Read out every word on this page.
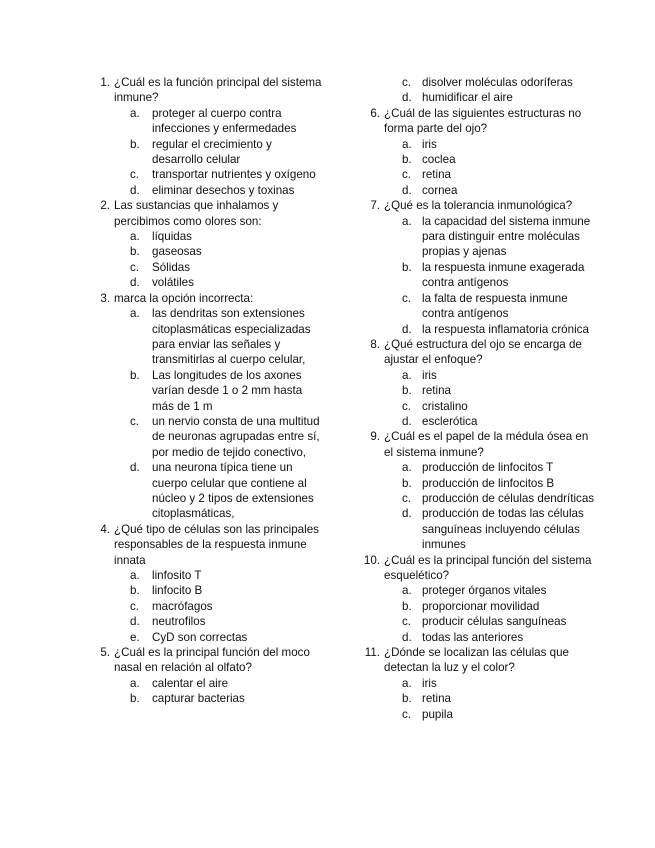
1. ¿Cuál es la función principal del sistema inmune?
a. proteger al cuerpo contra infecciones y enfermedades
b. regular el crecimiento y desarrollo celular
c. transportar nutrientes y oxígeno
d. eliminar desechos y toxinas
2. Las sustancias que inhalamos y percibimos como olores son:
a. líquidas
b. gaseosas
c. Sólidas
d. volátiles
3. marca la opción incorrecta:
a. las dendritas son extensiones citoplasmáticas especializadas para enviar las señales y transmitirlas al cuerpo celular,
b. Las longitudes de los axones varían desde 1 o 2 mm hasta más de 1 m
c. un nervio consta de una multitud de neuronas agrupadas entre sí, por medio de tejido conectivo,
d. una neurona típica tiene un cuerpo celular que contiene al núcleo y 2 tipos de extensiones citoplasmáticas,
4. ¿Qué tipo de células son las principales responsables de la respuesta inmune innata
a. linfosito T
b. linfocito B
c. macrófagos
d. neutrofilos
e. CyD son correctas
5. ¿Cuál es la principal función del moco nasal en relación al olfato?
a. calentar el aire
b. capturar bacterias
c. disolver moléculas odoríferas
d. humidificar el aire
6. ¿Cuál de las siguientes estructuras no forma parte del ojo?
a. iris
b. coclea
c. retina
d. cornea
7. ¿Qué es la tolerancia inmunológica?
a. la capacidad del sistema inmune para distinguir entre moléculas propias y ajenas
b. la respuesta inmune exagerada contra antígenos
c. la falta de respuesta inmune contra antígenos
d. la respuesta inflamatoria crónica
8. ¿Qué estructura del ojo se encarga de ajustar el enfoque?
a. iris
b. retina
c. cristalino
d. esclerótica
9. ¿Cuál es el papel de la médula ósea en el sistema inmune?
a. producción de linfocitos T
b. producción de linfocitos B
c. producción de células dendríticas
d. producción de todas las células sanguíneas incluyendo células inmunes
10. ¿Cuál es la principal función del sistema esquelético?
a. proteger órganos vitales
b. proporcionar movilidad
c. producir células sanguíneas
d. todas las anteriores
11. ¿Dónde se localizan las células que detectan la luz y el color?
a. iris
b. retina
c. pupila
